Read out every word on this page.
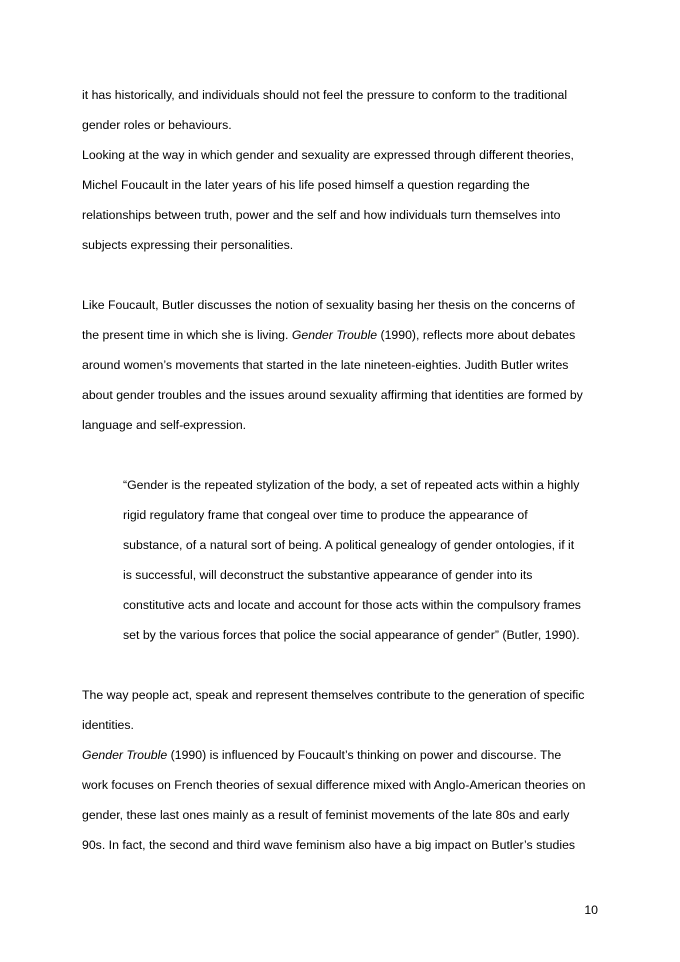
it has historically, and individuals should not feel the pressure to conform to the traditional
gender roles or behaviours.

Looking at the way in which gender and sexuality are expressed through different theories,
Michel Foucault in the later years of his life posed himself a question regarding the
relationships between truth, power and the self and how individuals turn themselves into
subjects expressing their personalities.

Like Foucault, Butler discusses the notion of sexuality basing her thesis on the concerns of
the present time in which she is living. Gender Trouble (1990), reflects more about debates
around women’s movements that started in the late nineteen-eighties. Judith Butler writes
about gender troubles and the issues around sexuality affirming that identities are formed by
language and self-expression.

“Gender is the repeated stylization of the body, a set of repeated acts within a highly
rigid regulatory frame that congeal over time to produce the appearance of
substance, of a natural sort of being. A political genealogy of gender ontologies, if it
is successful, will deconstruct the substantive appearance of gender into its
constitutive acts and locate and account for those acts within the compulsory frames
set by the various forces that police the social appearance of gender” (Butler, 1990).

The way people act, speak and represent themselves contribute to the generation of specific
identities.

Gender Trouble (1990) is influenced by Foucault’s thinking on power and discourse. The
work focuses on French theories of sexual difference mixed with Anglo-American theories on
gender, these last ones mainly as a result of feminist movements of the late 80s and early
90s. In fact, the second and third wave feminism also have a big impact on Butler’s studies

10
